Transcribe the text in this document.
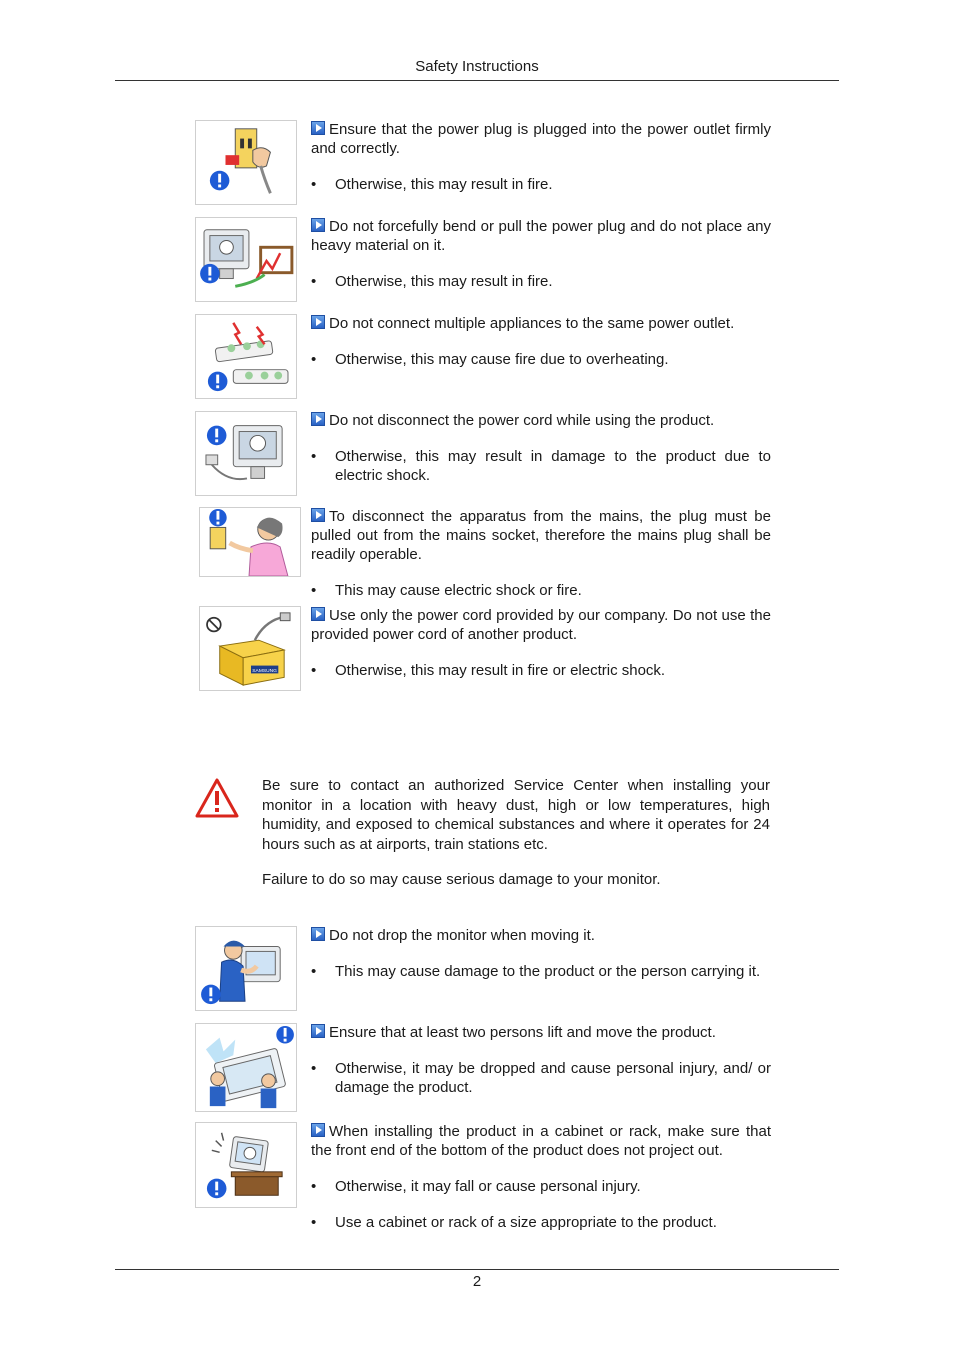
Safety Instructions
Ensure that the power plug is plugged into the power outlet firmly and correctly.
• Otherwise, this may result in fire.
Do not forcefully bend or pull the power plug and do not place any heavy material on it.
• Otherwise, this may result in fire.
Do not connect multiple appliances to the same power outlet.
• Otherwise, this may cause fire due to overheating.
Do not disconnect the power cord while using the product.
• Otherwise, this may result in damage to the product due to electric shock.
To disconnect the apparatus from the mains, the plug must be pulled out from the mains socket, therefore the mains plug shall be readily operable.
• This may cause electric shock or fire.
SAMSUNG
Use only the power cord provided by our company. Do not use the provided power cord of another product.
• Otherwise, this may result in fire or electric shock.

Be sure to contact an authorized Service Center when installing your monitor in a location with heavy dust, high or low temperatures, high humidity, and exposed to chemical substances and where it operates for 24 hours such as at airports, train stations etc.

Failure to do so may cause serious damage to your monitor.

Do not drop the monitor when moving it.
• This may cause damage to the product or the person carrying it.
Ensure that at least two persons lift and move the product.
• Otherwise, it may be dropped and cause personal injury, and/ or damage the product.
When installing the product in a cabinet or rack, make sure that the front end of the bottom of the product does not project out.
• Otherwise, it may fall or cause personal injury.
• Use a cabinet or rack of a size appropriate to the product.
2
